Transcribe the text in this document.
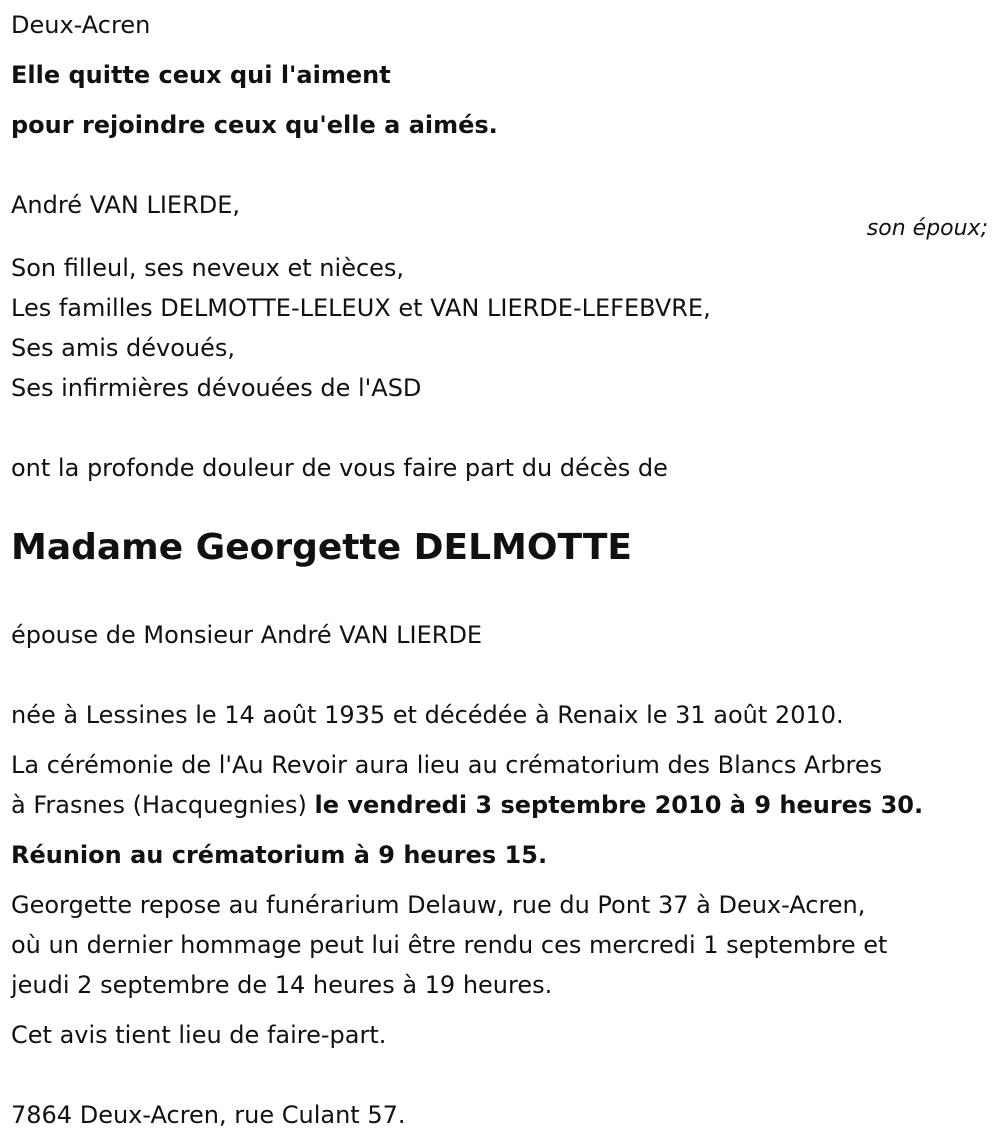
Deux-Acren
Elle quitte ceux qui l'aiment
pour rejoindre ceux qu'elle a aimés.
André VAN LIERDE,
son époux;
Son filleul, ses neveux et nièces,
Les familles DELMOTTE-LELEUX et VAN LIERDE-LEFEBVRE,
Ses amis dévoués,
Ses infirmières dévouées de l'ASD
ont la profonde douleur de vous faire part du décès de
Madame Georgette DELMOTTE
épouse de Monsieur André VAN LIERDE
née à Lessines le 14 août 1935 et décédée à Renaix le 31 août 2010.
La cérémonie de l'Au Revoir aura lieu au crématorium des Blancs Arbres
à Frasnes (Hacquegnies) le vendredi 3 septembre 2010 à 9 heures 30.
Réunion au crématorium à 9 heures 15.
Georgette repose au funérarium Delauw, rue du Pont 37 à Deux-Acren,
où un dernier hommage peut lui être rendu ces mercredi 1 septembre et
jeudi 2 septembre de 14 heures à 19 heures.
Cet avis tient lieu de faire-part.
7864 Deux-Acren, rue Culant 57.
